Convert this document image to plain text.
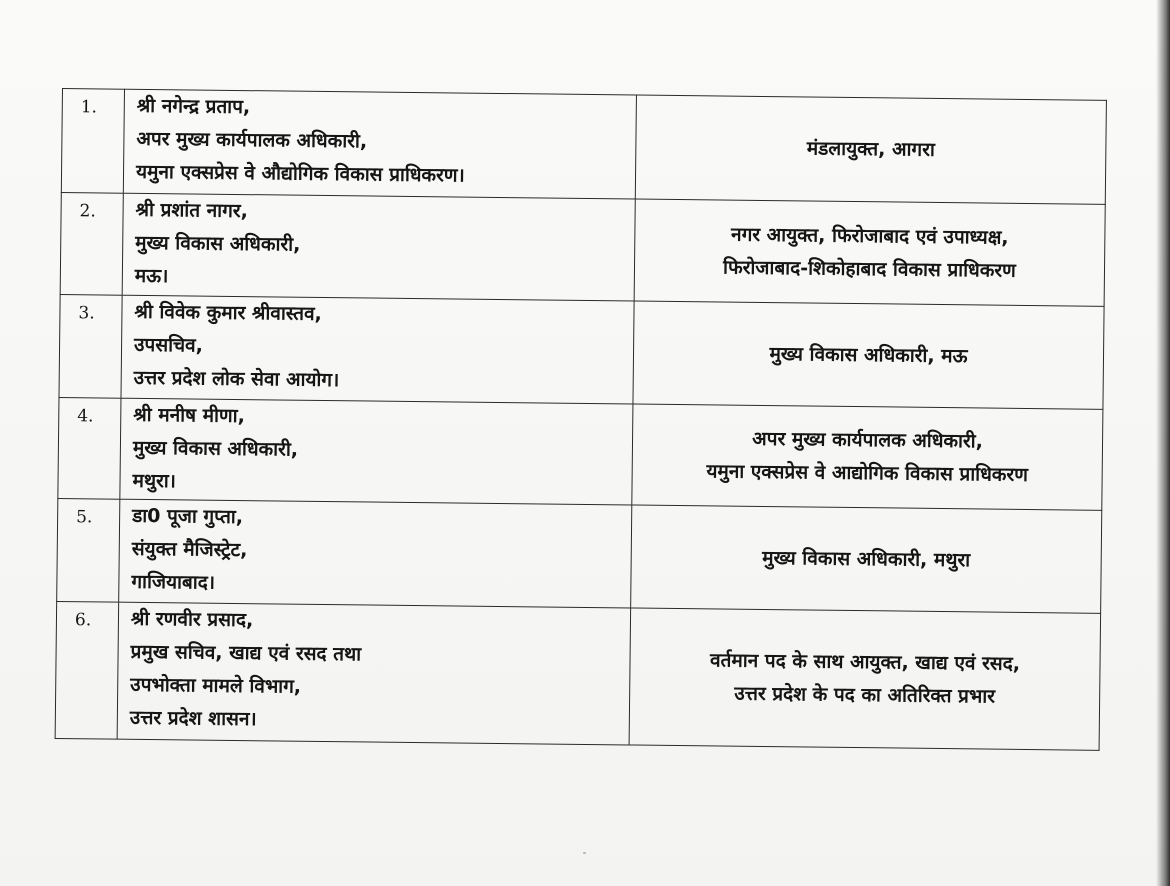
1.	श्री नगेन्द्र प्रताप,
अपर मुख्य कार्यपालक अधिकारी,
यमुना एक्सप्रेस वे औद्योगिक विकास प्राधिकरण।	मंडलायुक्त, आगरा

2.	श्री प्रशांत नागर,
मुख्य विकास अधिकारी,
मऊ।	नगर आयुक्त, फिरोजाबाद एवं उपाध्यक्ष,
फिरोजाबाद-शिकोहाबाद विकास प्राधिकरण

3.	श्री विवेक कुमार श्रीवास्तव,
उपसचिव,
उत्तर प्रदेश लोक सेवा आयोग।	मुख्य विकास अधिकारी, मऊ

4.	श्री मनीष मीणा,
मुख्य विकास अधिकारी,
मथुरा।	अपर मुख्य कार्यपालक अधिकारी,
यमुना एक्सप्रेस वे आद्योगिक विकास प्राधिकरण

5.	डा0 पूजा गुप्ता,
संयुक्त मैजिस्ट्रेट,
गाजियाबाद।	मुख्य विकास अधिकारी, मथुरा

6.	श्री रणवीर प्रसाद,
प्रमुख सचिव, खाद्य एवं रसद तथा
उपभोक्ता मामले विभाग,
उत्तर प्रदेश शासन।	वर्तमान पद के साथ आयुक्त, खाद्य एवं रसद,
उत्तर प्रदेश के पद का अतिरिक्त प्रभार
